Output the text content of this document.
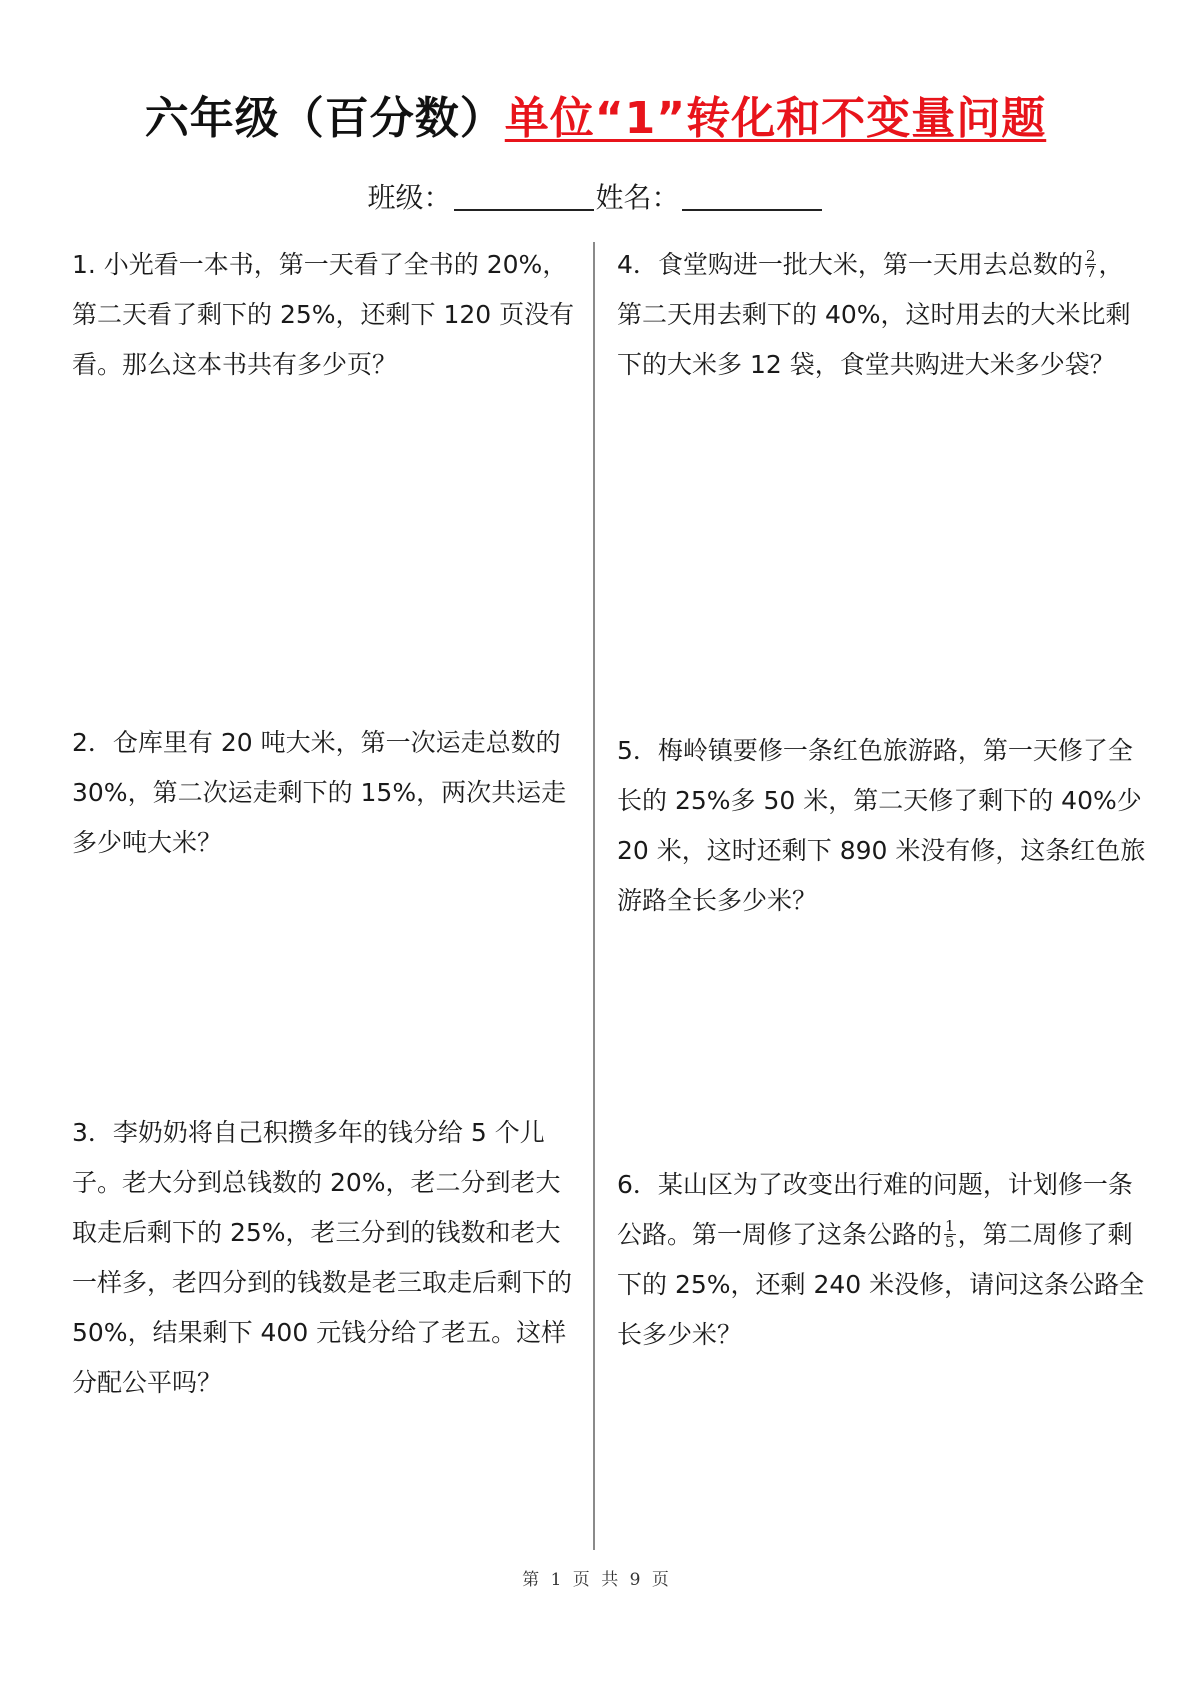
六年级（百分数）单位“1”转化和不变量问题
班级：	姓名：
1. 小光看一本书，第一天看了全书的 20%，第二天看了剩下的 25%，还剩下 120 页没有看。那么这本书共有多少页？
2．仓库里有 20 吨大米，第一次运走总数的 30%，第二次运走剩下的 15%，两次共运走多少吨大米？
3．李奶奶将自己积攒多年的钱分给 5 个儿子。老大分到总钱数的 20%，老二分到老大取走后剩下的 25%，老三分到的钱数和老大一样多，老四分到的钱数是老三取走后剩下的 50%，结果剩下 400 元钱分给了老五。这样分配公平吗？
4．食堂购进一批大米，第一天用去总数的 $\frac{2}{7}$ ，第二天用去剩下的 40%，这时用去的大米比剩下的大米多 12 袋，食堂共购进大米多少袋？
5．梅岭镇要修一条红色旅游路，第一天修了全长的 25%多 50 米，第二天修了剩下的 40%少 20 米，这时还剩下 890 米没有修，这条红色旅游路全长多少米？
6．某山区为了改变出行难的问题，计划修一条公路。第一周修了这条公路的 $\frac{1}{5}$ ，第二周修了剩下的 25%，还剩 240 米没修，请问这条公路全长多少米？
第 1 页 共 9 页
